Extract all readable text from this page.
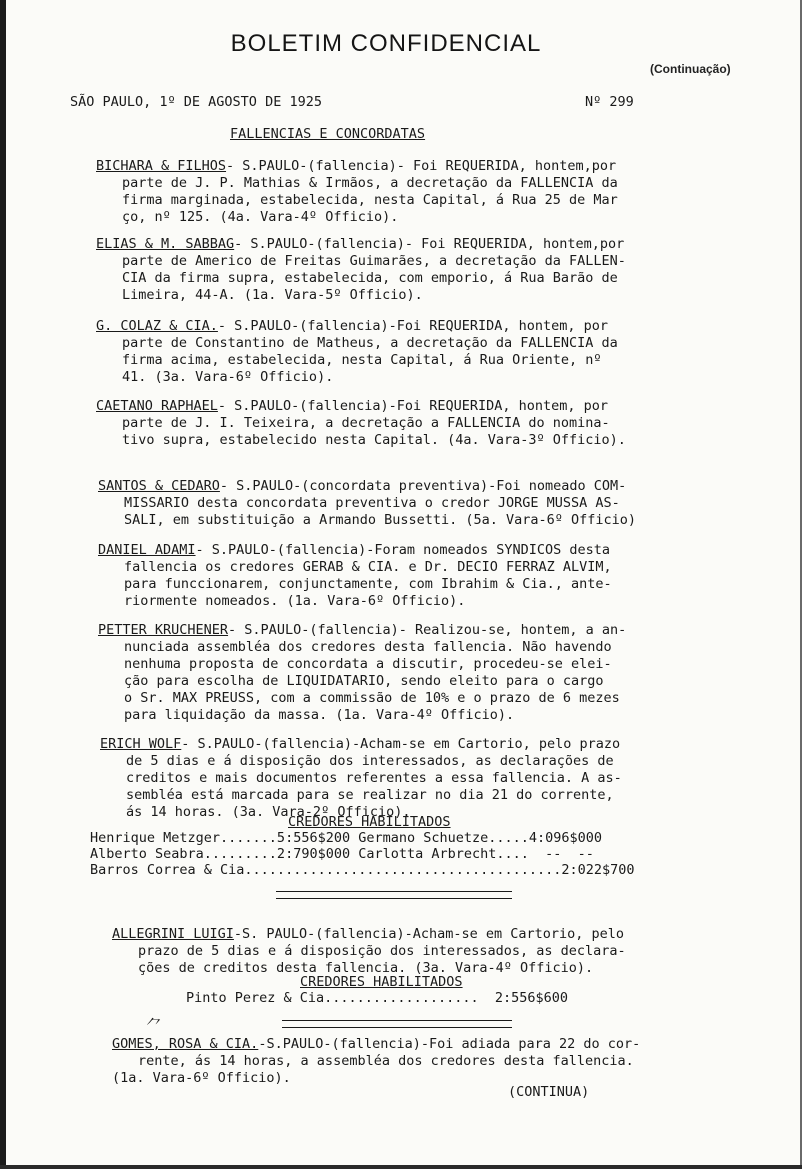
BOLETIM CONFIDENCIAL
(Continuação)
SÃO PAULO, 1º DE AGOSTO DE 1925	Nº 299
FALLENCIAS E CONCORDATAS

BICHARA & FILHOS- S.PAULO-(fallencia)- Foi REQUERIDA, hontem,por

parte de J. P. Mathias & Irmãos, a decretação da FALLENCIA da

firma marginada, estabelecida, nesta Capital, á Rua 25 de Mar

ço, nº 125. (4a. Vara-4º Officio).

ELIAS & M. SABBAG- S.PAULO-(fallencia)- Foi REQUERIDA, hontem,por

parte de Americo de Freitas Guimarães, a decretação da FALLEN-

CIA da firma supra, estabelecida, com emporio, á Rua Barão de

Limeira, 44-A. (1a. Vara-5º Officio).

G. COLAZ & CIA.- S.PAULO-(fallencia)-Foi REQUERIDA, hontem, por

parte de Constantino de Matheus, a decretação da FALLENCIA da

firma acima, estabelecida, nesta Capital, á Rua Oriente, nº

41. (3a. Vara-6º Officio).

CAETANO RAPHAEL- S.PAULO-(fallencia)-Foi REQUERIDA, hontem, por

parte de J. I. Teixeira, a decretação a FALLENCIA do nomina-

tivo supra, estabelecido nesta Capital. (4a. Vara-3º Officio).

SANTOS & CEDARO- S.PAULO-(concordata preventiva)-Foi nomeado COM-

MISSARIO desta concordata preventiva o credor JORGE MUSSA AS-

SALI, em substituição a Armando Bussetti. (5a. Vara-6º Officio)

DANIEL ADAMI- S.PAULO-(fallencia)-Foram nomeados SYNDICOS desta

fallencia os credores GERAB & CIA. e Dr. DECIO FERRAZ ALVIM,

para funccionarem, conjunctamente, com Ibrahim & Cia., ante-

riormente nomeados. (1a. Vara-6º Officio).

PETTER KRUCHENER- S.PAULO-(fallencia)- Realizou-se, hontem, a an-

nunciada assembléa dos credores desta fallencia. Não havendo

nenhuma proposta de concordata a discutir, procedeu-se elei-

ção para escolha de LIQUIDATARIO, sendo eleito para o cargo

o Sr. MAX PREUSS, com a commissão de 10% e o prazo de 6 mezes

para liquidação da massa. (1a. Vara-4º Officio).

ERICH WOLF- S.PAULO-(fallencia)-Acham-se em Cartorio, pelo prazo

de 5 dias e á disposição dos interessados, as declarações de

creditos e mais documentos referentes a essa fallencia. A as-

sembléa está marcada para se realizar no dia 21 do corrente,

ás 14 horas. (3a. Vara-2º Officio).

CREDORES HABILITADOS

Henrique Metzger.......5:556$200 Germano Schuetze.....4:096$000

Alberto Seabra.........2:790$000 Carlotta Arbrecht....  --  --

Barros Correa & Cia.......................................2:022$700

ALLEGRINI LUIGI-S. PAULO-(fallencia)-Acham-se em Cartorio, pelo

prazo de 5 dias e á disposição dos interessados, as declara-

ções de creditos desta fallencia. (3a. Vara-4º Officio).

CREDORES HABILITADOS

Pinto Perez & Cia...................  2:556$600

⺈

GOMES, ROSA & CIA.-S.PAULO-(fallencia)-Foi adiada para 22 do cor-

rente, ás 14 horas, a assembléa dos credores desta fallencia.

(1a. Vara-6º Officio).

(CONTINUA)
